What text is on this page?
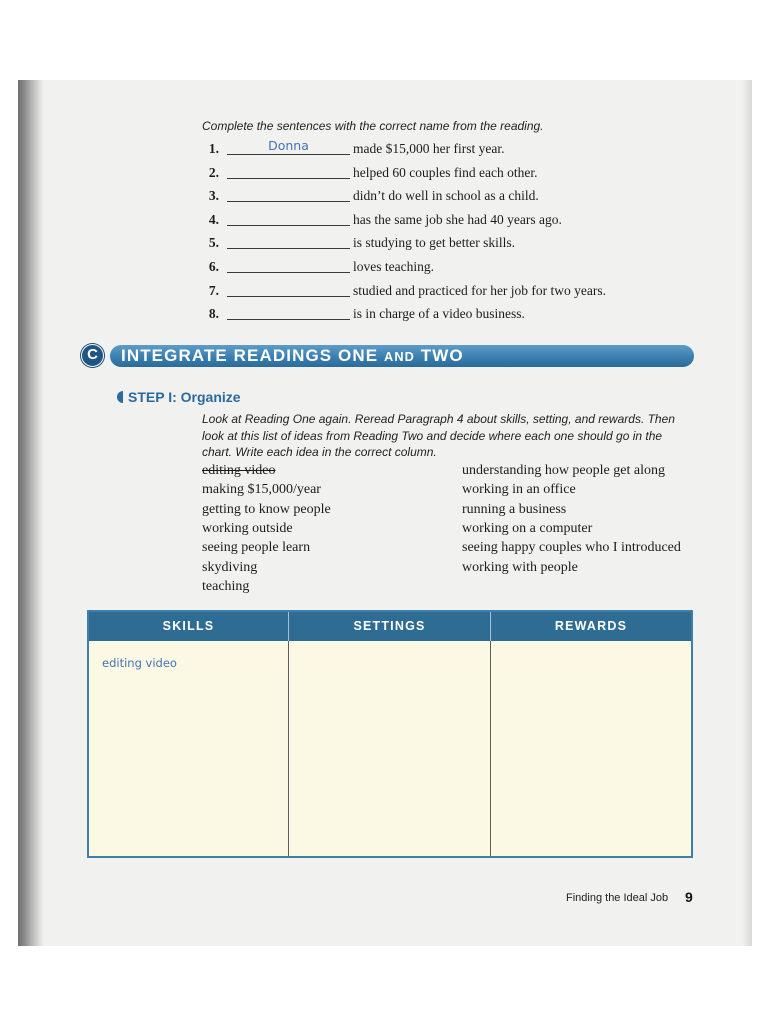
Complete the sentences with the correct name from the reading.
1.	Donna	made $15,000 her first year.
2.	helped 60 couples find each other.
3.	didn’t do well in school as a child.
4.	has the same job she had 40 years ago.
5.	is studying to get better skills.
6.	loves teaching.
7.	studied and practiced for her job for two years.
8.	is in charge of a video business.
C	INTEGRATE READINGS ONE AND TWO
STEP I: Organize
Look at Reading One again. Reread Paragraph 4 about skills, setting, and rewards. Then
look at this list of ideas from Reading Two and decide where each one should go in the
chart. Write each idea in the correct column.
editing video
making $15,000/year
getting to know people
working outside
seeing people learn
skydiving
teaching
understanding how people get along
working in an office
running a business
working on a computer
seeing happy couples who I introduced
working with people
SKILLS	SETTINGS	REWARDS
editing video
Finding the Ideal Job 9
